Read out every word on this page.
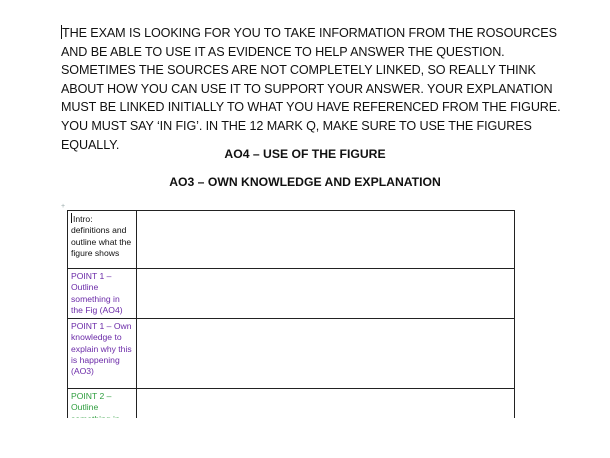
THE EXAM IS LOOKING FOR YOU TO TAKE INFORMATION FROM THE ROSOURCES AND BE ABLE TO USE IT AS EVIDENCE TO HELP ANSWER THE QUESTION. SOMETIMES THE SOURCES ARE NOT COMPLETELY LINKED, SO REALLY THINK ABOUT HOW YOU CAN USE IT TO SUPPORT YOUR ANSWER. YOUR EXPLANATION MUST BE LINKED INITIALLY TO WHAT YOU HAVE REFERENCED FROM THE FIGURE. YOU MUST SAY ‘IN FIG’. IN THE 12 MARK Q, MAKE SURE TO USE THE FIGURES EQUALLY.
AO4 – USE OF THE FIGURE
AO3 – OWN KNOWLEDGE AND EXPLANATION
+
Intro: definitions and outline what the figure shows	
POINT 1 – Outline something in the Fig (AO4)	
POINT 1 – Own knowledge to explain why this is happening (AO3)	
POINT 2 – Outline	
